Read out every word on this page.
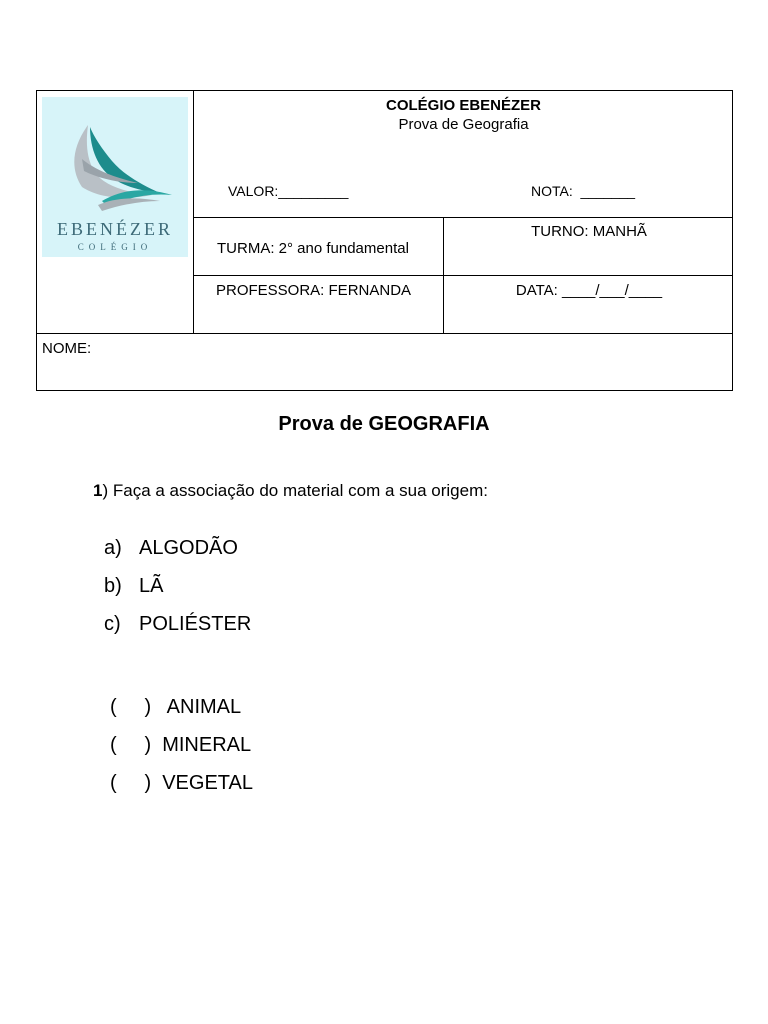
EBENÉZER
COLÉGIO
COLÉGIO EBENÉZER
Prova de Geografia
VALOR:_________	NOTA:  _______
TURMA: 2° ano fundamental
TURNO: MANHÃ
PROFESSORA: FERNANDA	DATA: ____/___/____
NOME:
Prova de GEOGRAFIA
1) Faça a associação do material com a sua origem:
a) ALGODÃO
b) LÃ
c) POLIÉSTER
(     )   ANIMAL
(     )  MINERAL
(     )  VEGETAL
